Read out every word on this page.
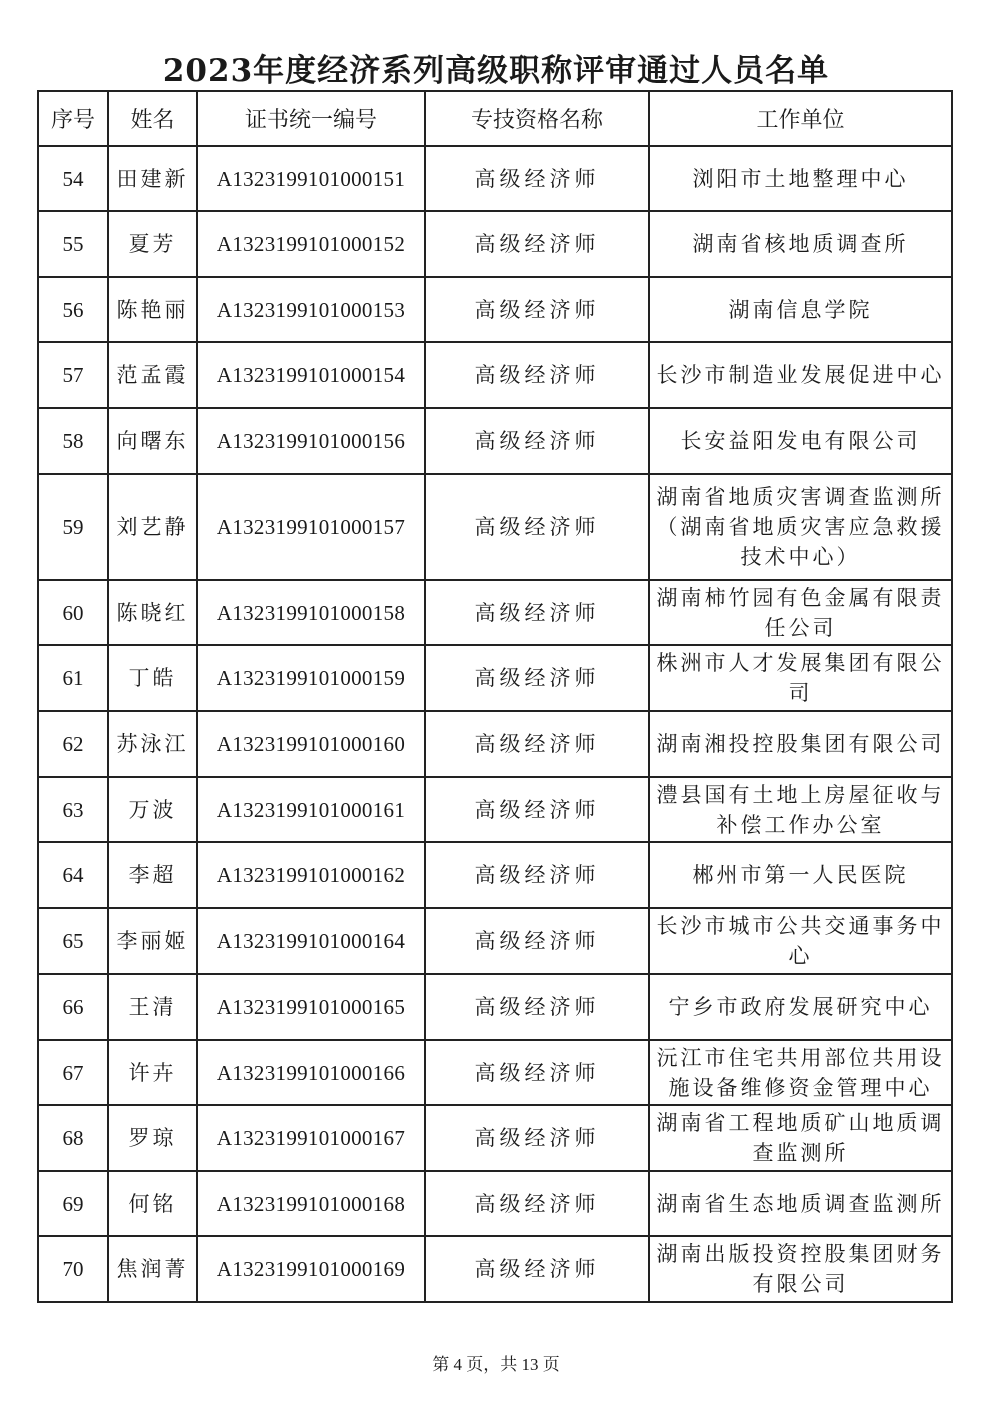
2023年度经济系列高级职称评审通过人员名单
序号	姓名	证书统一编号	专技资格名称	工作单位
54	田建新	A1323199101000151	高级经济师	浏阳市土地整理中心
55	夏芳	A1323199101000152	高级经济师	湖南省核地质调查所
56	陈艳丽	A1323199101000153	高级经济师	湖南信息学院
57	范孟霞	A1323199101000154	高级经济师	长沙市制造业发展促进中心
58	向曙东	A1323199101000156	高级经济师	长安益阳发电有限公司
59	刘艺静	A1323199101000157	高级经济师	湖南省地质灾害调查监测所（湖南省地质灾害应急救援技术中心）
60	陈晓红	A1323199101000158	高级经济师	湖南柿竹园有色金属有限责任公司
61	丁皓	A1323199101000159	高级经济师	株洲市人才发展集团有限公司
62	苏泳江	A1323199101000160	高级经济师	湖南湘投控股集团有限公司
63	万波	A1323199101000161	高级经济师	澧县国有土地上房屋征收与补偿工作办公室
64	李超	A1323199101000162	高级经济师	郴州市第一人民医院
65	李丽姬	A1323199101000164	高级经济师	长沙市城市公共交通事务中心
66	王清	A1323199101000165	高级经济师	宁乡市政府发展研究中心
67	许卉	A1323199101000166	高级经济师	沅江市住宅共用部位共用设施设备维修资金管理中心
68	罗琼	A1323199101000167	高级经济师	湖南省工程地质矿山地质调查监测所
69	何铭	A1323199101000168	高级经济师	湖南省生态地质调查监测所
70	焦润菁	A1323199101000169	高级经济师	湖南出版投资控股集团财务有限公司
第 4 页，共 13 页
